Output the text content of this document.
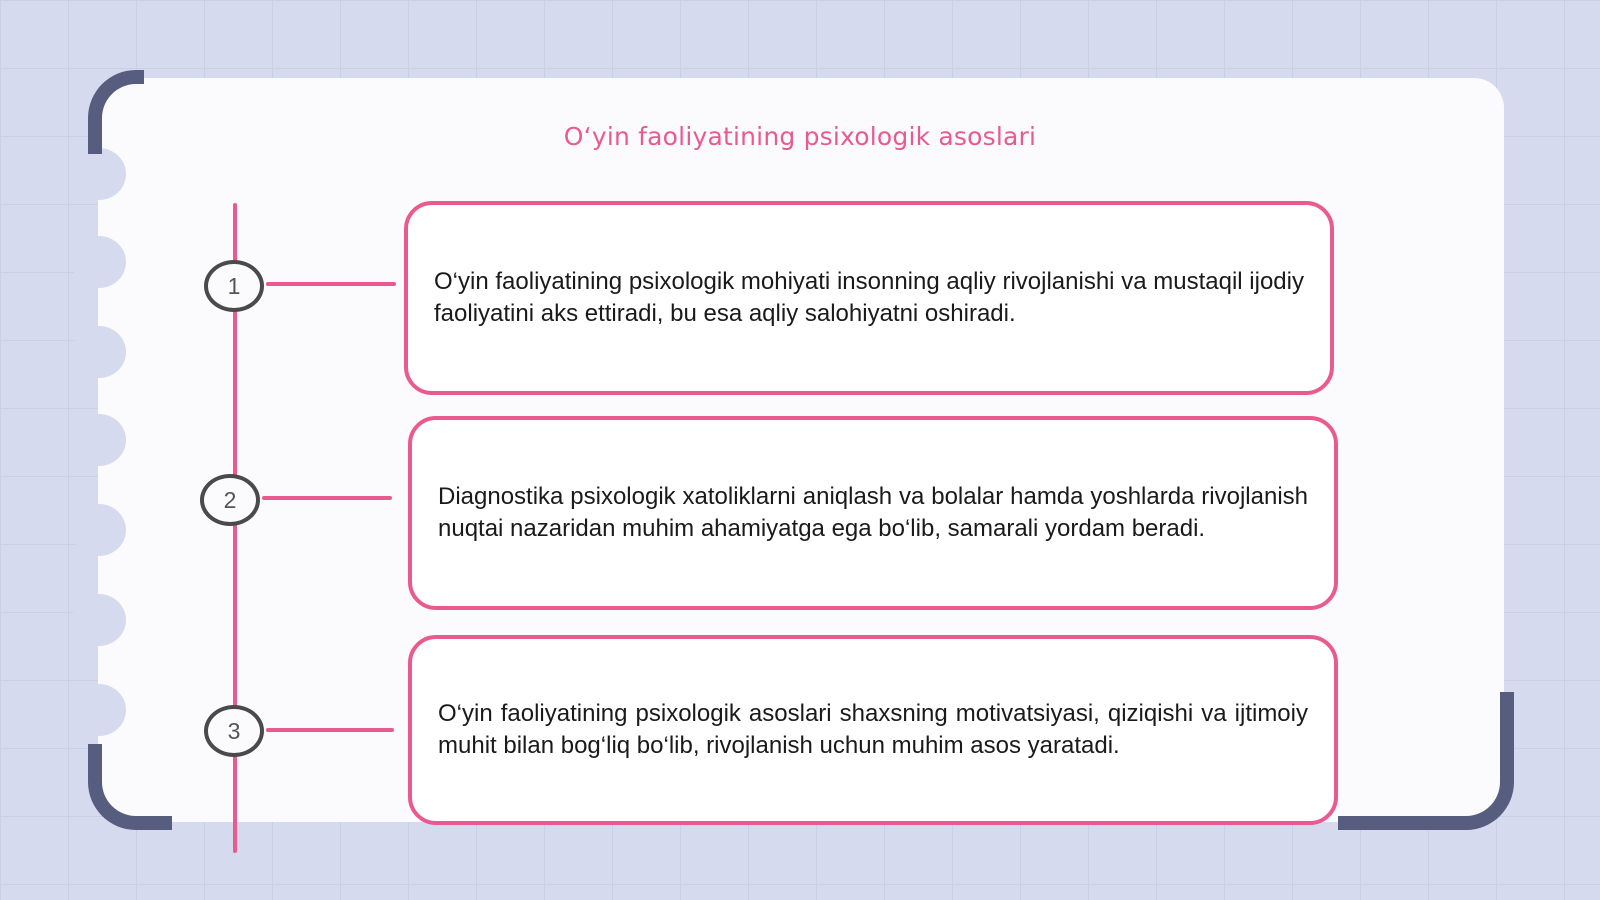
O‘yin faoliyatining psixologik asoslari
1
2
3

O‘yin faoliyatining psixologik mohiyati insonning aqliy rivojlanishi va mustaqil ijodiy faoliyatini aks ettiradi, bu esa aqliy salohiyatni oshiradi.

Diagnostika psixologik xatoliklarni aniqlash va bolalar hamda yoshlarda rivojlanish nuqtai nazaridan muhim ahamiyatga ega bo‘lib, samarali yordam beradi.

O‘yin faoliyatining psixologik asoslari shaxsning motivatsiyasi, qiziqishi va ijtimoiy muhit bilan bog‘liq bo‘lib, rivojlanish uchun muhim asos yaratadi.
